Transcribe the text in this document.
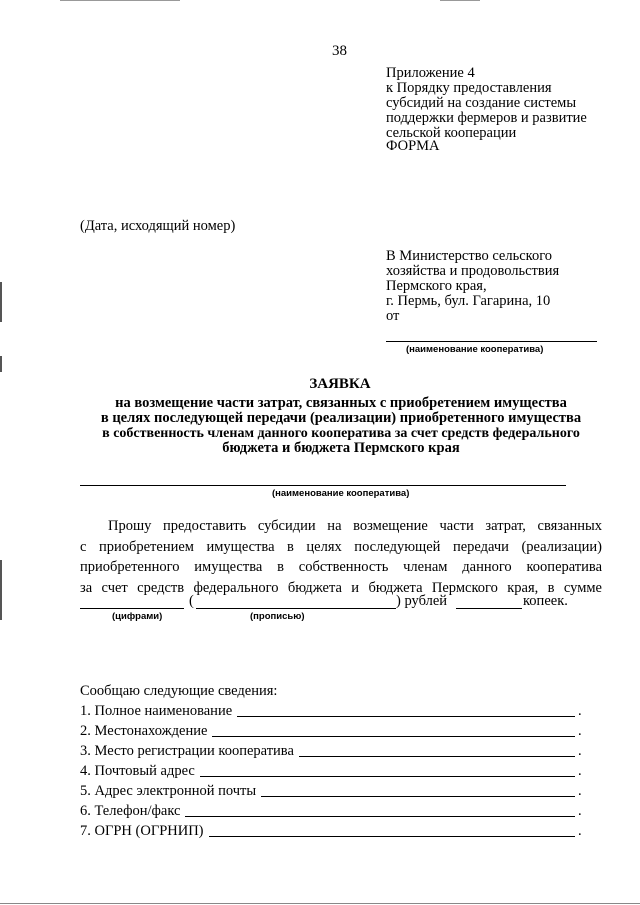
38
Приложение 4
к Порядку предоставления
субсидий на создание системы
поддержки фермеров и развитие
сельской кооперации
ФОРМА
(Дата, исходящий номер)
В Министерство сельского
хозяйства и продовольствия
Пермского края,
г. Пермь, бул. Гагарина, 10
от
(наименование кооператива)
ЗАЯВКА
на возмещение части затрат, связанных с приобретением имущества
в целях последующей передачи (реализации) приобретенного имущества
в собственность членам данного кооператива за счет средств федерального
бюджета и бюджета Пермского края
(наименование кооператива)
Прошу предоставить субсидии на возмещение части затрат, связанных
с приобретением имущества в целях последующей передачи (реализации)
приобретенного имущества в собственность членам данного кооператива
за счет средств федерального бюджета и бюджета Пермского края, в сумме
(	) рублей	копеек.
(цифрами)	(прописью)
Сообщаю следующие сведения:
1. Полное наименование	.
2. Местонахождение	.
3. Место регистрации кооператива	.
4. Почтовый адрес	.
5. Адрес электронной почты	.
6. Телефон/факс	.
7. ОГРН (ОГРНИП)	.
